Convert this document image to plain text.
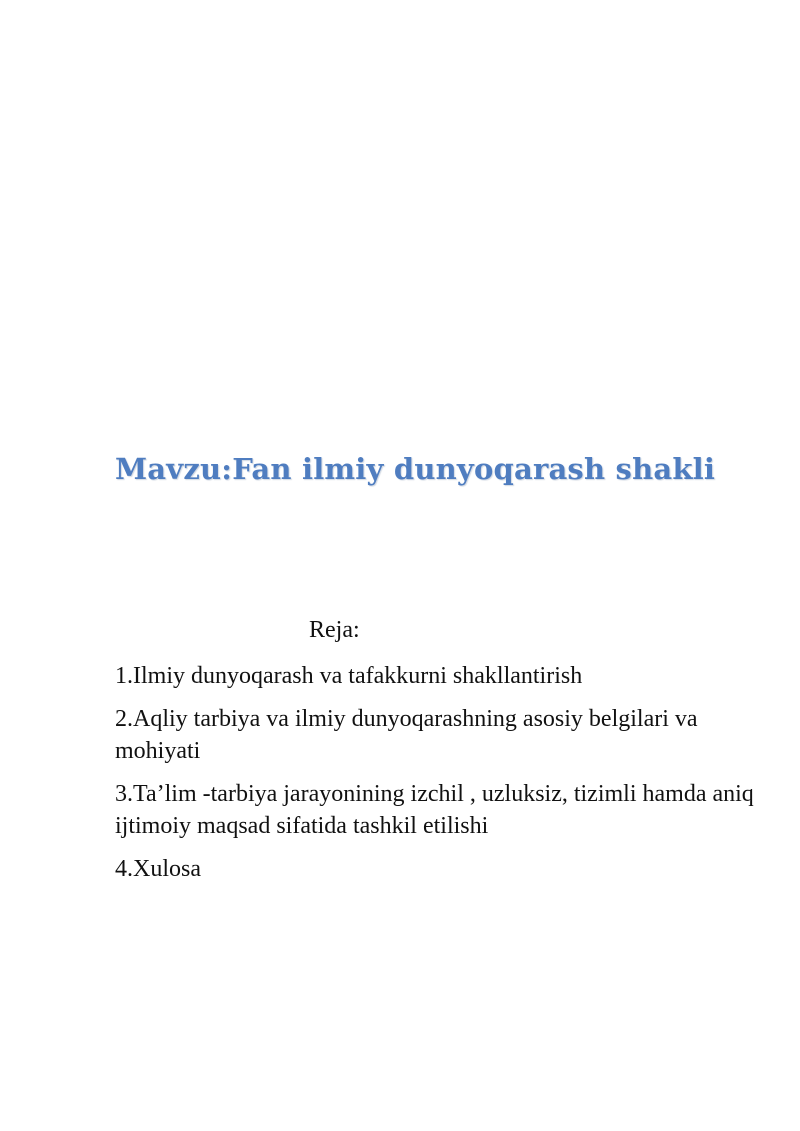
Mavzu:Fan ilmiy dunyoqarash shakli

Reja:

1.Ilmiy dunyoqarash va tafakkurni shakllantirish
2.Aqliy tarbiya va ilmiy dunyoqarashning asosiy belgilari va mohiyati
3.Ta’lim -tarbiya jarayonining izchil , uzluksiz, tizimli hamda aniq ijtimoiy maqsad sifatida tashkil etilishi
4.Xulosa
